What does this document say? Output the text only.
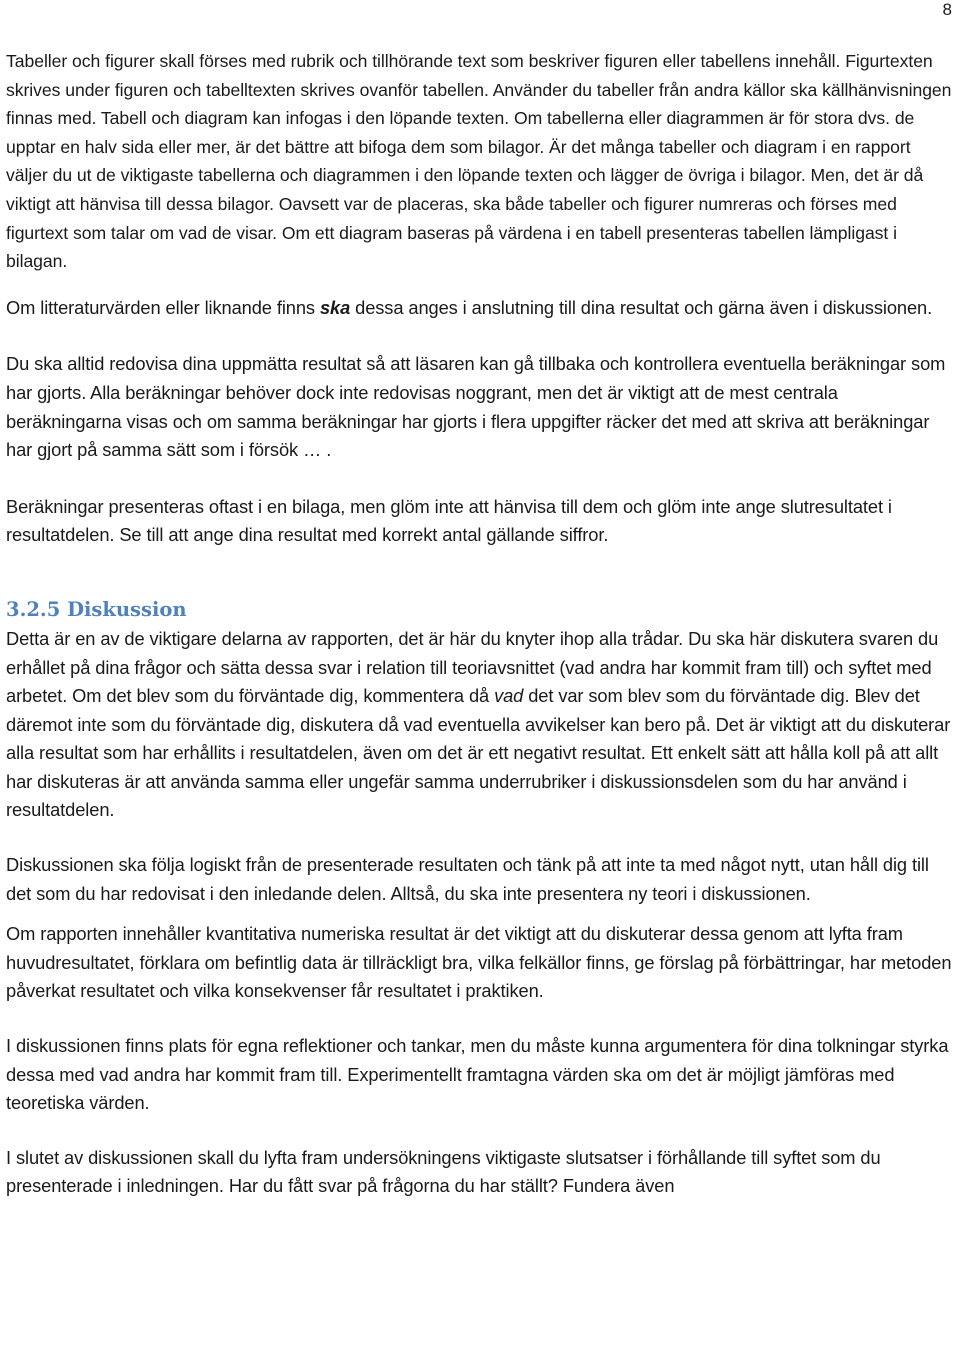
8

Tabeller och figurer skall förses med rubrik och tillhörande text som beskriver figuren eller tabellens innehåll. Figurtexten skrives under figuren och tabelltexten skrives ovanför tabellen. Använder du tabeller från andra källor ska källhänvisningen finnas med. Tabell och diagram kan infogas i den löpande texten. Om tabellerna eller diagrammen är för stora dvs. de upptar en halv sida eller mer, är det bättre att bifoga dem som bilagor. Är det många tabeller och diagram i en rapport väljer du ut de viktigaste tabellerna och diagrammen i den löpande texten och lägger de övriga i bilagor. Men, det är då viktigt att hänvisa till dessa bilagor. Oavsett var de placeras, ska både tabeller och figurer numreras och förses med figurtext som talar om vad de visar. Om ett diagram baseras på värdena i en tabell presenteras tabellen lämpligast i bilagan.

Om litteraturvärden eller liknande finns ska dessa anges i anslutning till dina resultat och gärna även i diskussionen.

Du ska alltid redovisa dina uppmätta resultat så att läsaren kan gå tillbaka och kontrollera eventuella beräkningar som har gjorts. Alla beräkningar behöver dock inte redovisas noggrant, men det är viktigt att de mest centrala beräkningarna visas och om samma beräkningar har gjorts i flera uppgifter räcker det med att skriva att beräkningar har gjort på samma sätt som i försök … .

Beräkningar presenteras oftast i en bilaga, men glöm inte att hänvisa till dem och glöm inte ange slutresultatet i resultatdelen. Se till att ange dina resultat med korrekt antal gällande siffror.

3.2.5 Diskussion

Detta är en av de viktigare delarna av rapporten, det är här du knyter ihop alla trådar. Du ska här diskutera svaren du erhållet på dina frågor och sätta dessa svar i relation till teoriavsnittet (vad andra har kommit fram till) och syftet med arbetet. Om det blev som du förväntade dig, kommentera då vad det var som blev som du förväntade dig. Blev det däremot inte som du förväntade dig, diskutera då vad eventuella avvikelser kan bero på. Det är viktigt att du diskuterar alla resultat som har erhållits i resultatdelen, även om det är ett negativt resultat. Ett enkelt sätt att hålla koll på att allt har diskuteras är att använda samma eller ungefär samma underrubriker i diskussionsdelen som du har använd i resultatdelen.

Diskussionen ska följa logiskt från de presenterade resultaten och tänk på att inte ta med något nytt, utan håll dig till det som du har redovisat i den inledande delen. Alltså, du ska inte presentera ny teori i diskussionen.

Om rapporten innehåller kvantitativa numeriska resultat är det viktigt att du diskuterar dessa genom att lyfta fram huvudresultatet, förklara om befintlig data är tillräckligt bra, vilka felkällor finns, ge förslag på förbättringar, har metoden påverkat resultatet och vilka konsekvenser får resultatet i praktiken.

I diskussionen finns plats för egna reflektioner och tankar, men du måste kunna argumentera för dina tolkningar styrka dessa med vad andra har kommit fram till. Experimentellt framtagna värden ska om det är möjligt jämföras med teoretiska värden.

I slutet av diskussionen skall du lyfta fram undersökningens viktigaste slutsatser i förhållande till syftet som du presenterade i inledningen. Har du fått svar på frågorna du har ställt? Fundera även
